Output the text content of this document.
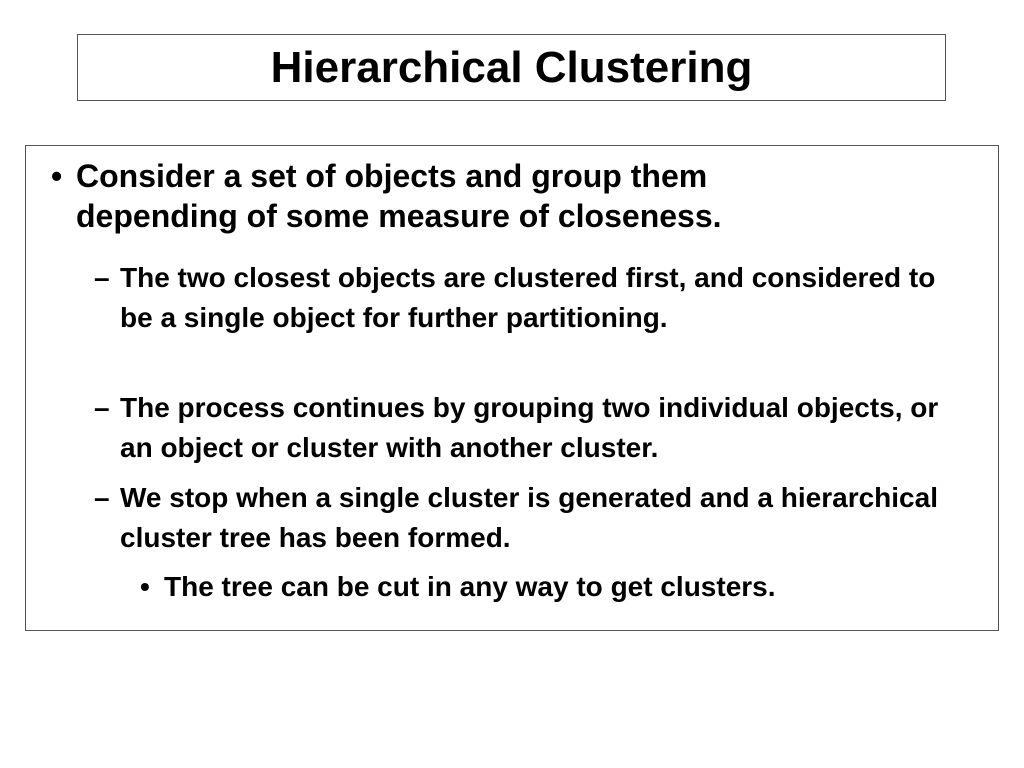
Hierarchical Clustering
• Consider a set of objects and group them depending of some measure of closeness.
– The two closest objects are clustered first, and considered to be a single object for further partitioning.
– The process continues by grouping two individual objects, or an object or cluster with another cluster.
– We stop when a single cluster is generated and a hierarchical cluster tree has been formed.
• The tree can be cut in any way to get clusters.
